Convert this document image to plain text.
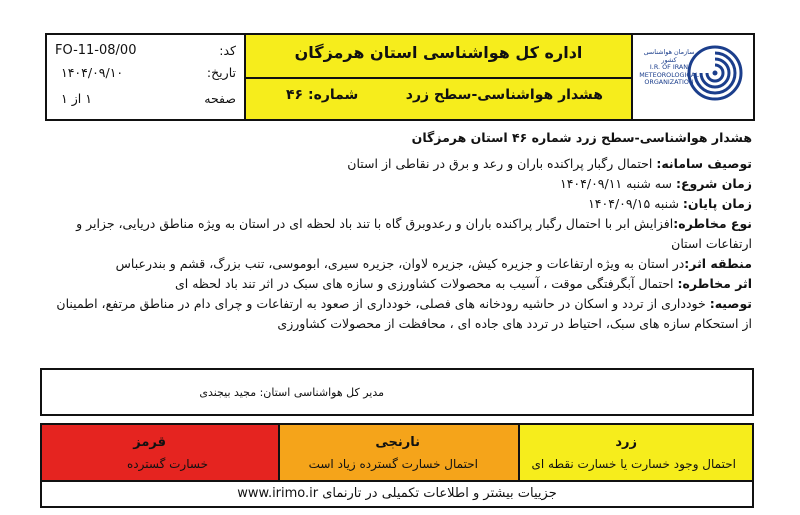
سازمان هواشناسی کشور
I.R. OF IRAN
METEOROLOGICAL
ORGANIZATION
اداره کل هواشناسی استان هرمزگان
هشدار هواشناسی-سطح زرد
شماره: ۴۶
کد:
FO-11-08/00
تاریخ:
۱۴۰۴/۰۹/۱۰
صفحه
۱ از ۱
هشدار هواشناسی-سطح زرد شماره ۴۶ استان هرمزگان

توصیف سامانه: احتمال رگبار پراکنده باران و رعد و برق در نقاطی از استان

زمان شروع: سه شنبه ۱۴۰۴/۰۹/۱۱

زمان پایان: شنبه ۱۴۰۴/۰۹/۱۵

نوع مخاطره:افزایش ابر با احتمال رگبار پراکنده باران و رعدوبرق گاه با تند باد لحظه ای در استان به ویژه مناطق دریایی، جزایر و ارتفاعات استان

منطقه اثر:در استان به ویژه ارتفاعات و جزیره کیش، جزیره لاوان، جزیره سیری، ابوموسی، تنب بزرگ، قشم و بندرعباس

اثر مخاطره: احتمال آبگرفتگی موقت ، آسیب به محصولات کشاورزی و سازه های سبک در اثر تند باد لحظه ای

توصیه: خودداری از تردد و اسکان در حاشیه رودخانه های فصلی، خودداری از صعود به ارتفاعات و چرای دام در مناطق مرتفع، اطمینان از استحکام سازه های سبک، احتیاط در تردد های جاده ای ، محافظت از محصولات کشاورزی

مدیر کل هواشناسی استان: مجید بیجندی
زرد
احتمال وجود خسارت یا خسارت نقطه ای
نارنجی
احتمال خسارت گسترده زیاد است
قرمز
خسارت گسترده
جزییات بیشتر و اطلاعات تکمیلی در تارنمای www.irimo.ir
